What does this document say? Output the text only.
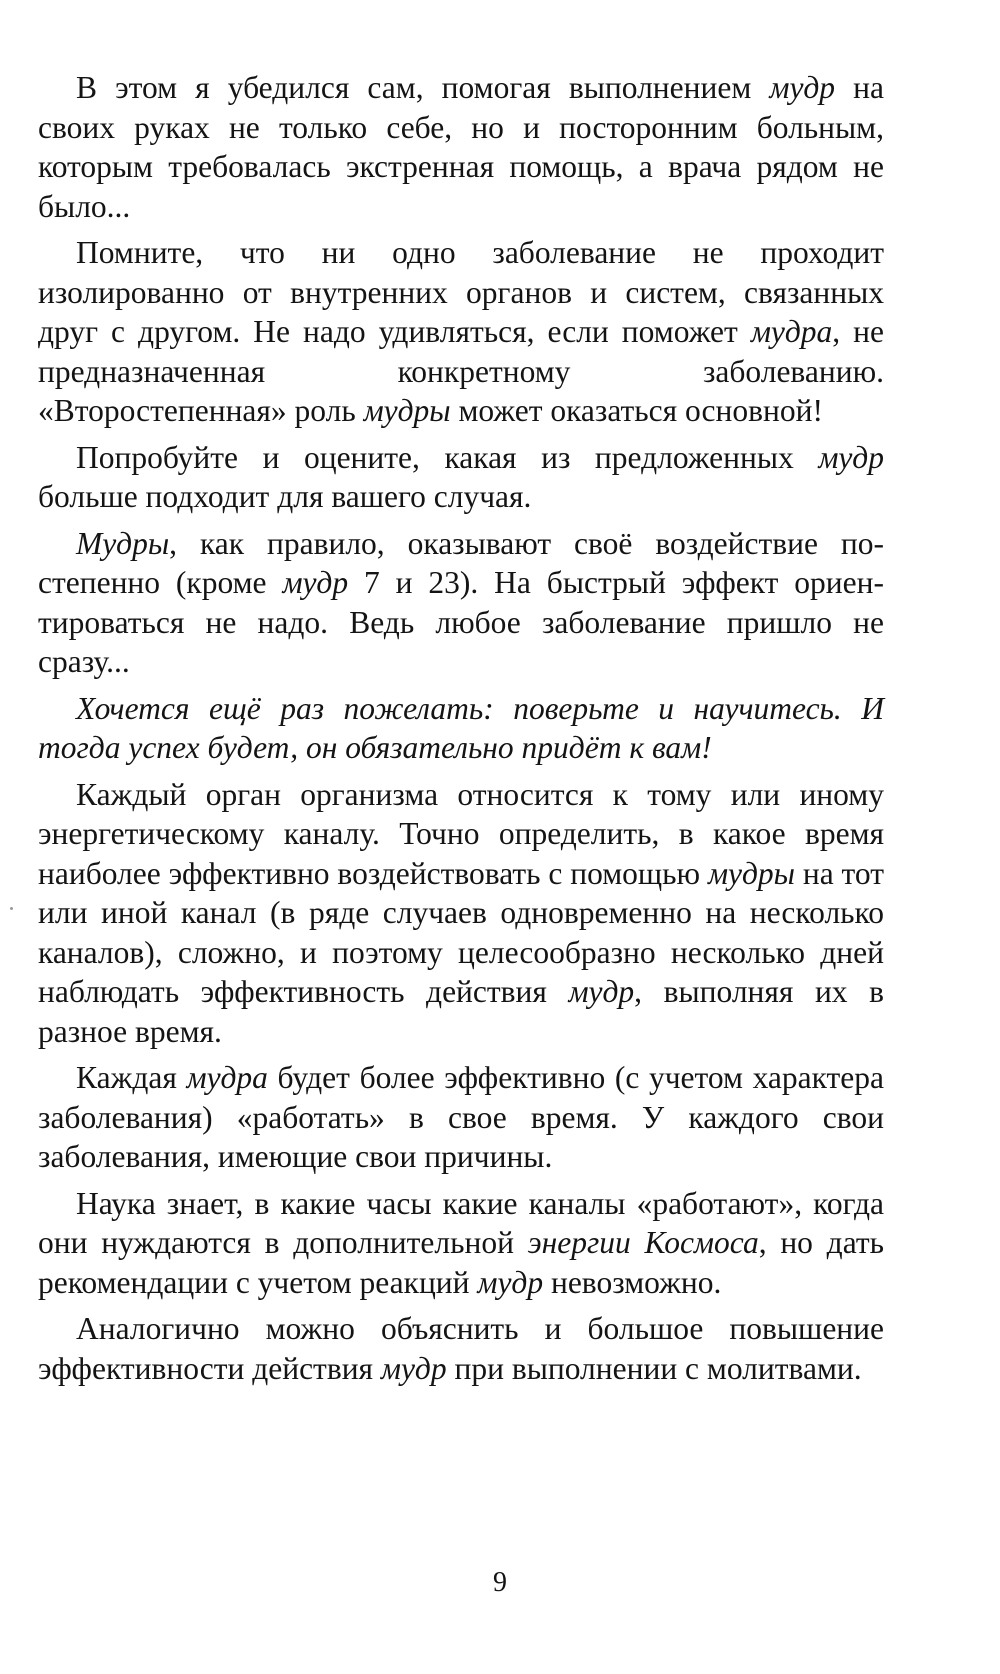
В этом я убедился сам, помогая выполнением мудр на своих руках не только себе, но и посторонним больным, которым требовалась экстренная помощь, а врача рядом не было...

Помните, что ни одно заболевание не проходит изолированно от внутренних органов и систем, связанных друг с другом. Не надо удивляться, если поможет мудра, не предназначенная конкретному заболеванию. «Второстепенная» роль мудры может оказаться основной!

Попробуйте и оцените, какая из предложенных мудр больше подходит для вашего случая.

Мудры, как правило, оказывают своё воздействие постепенно (кроме мудр 7 и 23). На быстрый эффект ориентироваться не надо. Ведь любое заболевание пришло не сразу...

Хочется ещё раз пожелать: поверьте и научитесь. И тогда успех будет, он обязательно придёт к вам!

Каждый орган организма относится к тому или иному энергетическому каналу. Точно определить, в какое время наиболее эффективно воздействовать с помощью мудры на тот или иной канал (в ряде случаев одновременно на несколько каналов), сложно, и поэтому целесообразно несколько дней наблюдать эффективность действия мудр, выполняя их в разное время.

Каждая мудра будет более эффективно (с учетом характера заболевания) «работать» в свое время. У каждого свои заболевания, имеющие свои причины.

Наука знает, в какие часы какие каналы «работают», когда они нуждаются в дополнительной энергии Космоса, но дать рекомендации с учетом реакций мудр невозможно.

Аналогично можно объяснить и большое повышение эффективности действия мудр при выполнении с молитвами.

9
